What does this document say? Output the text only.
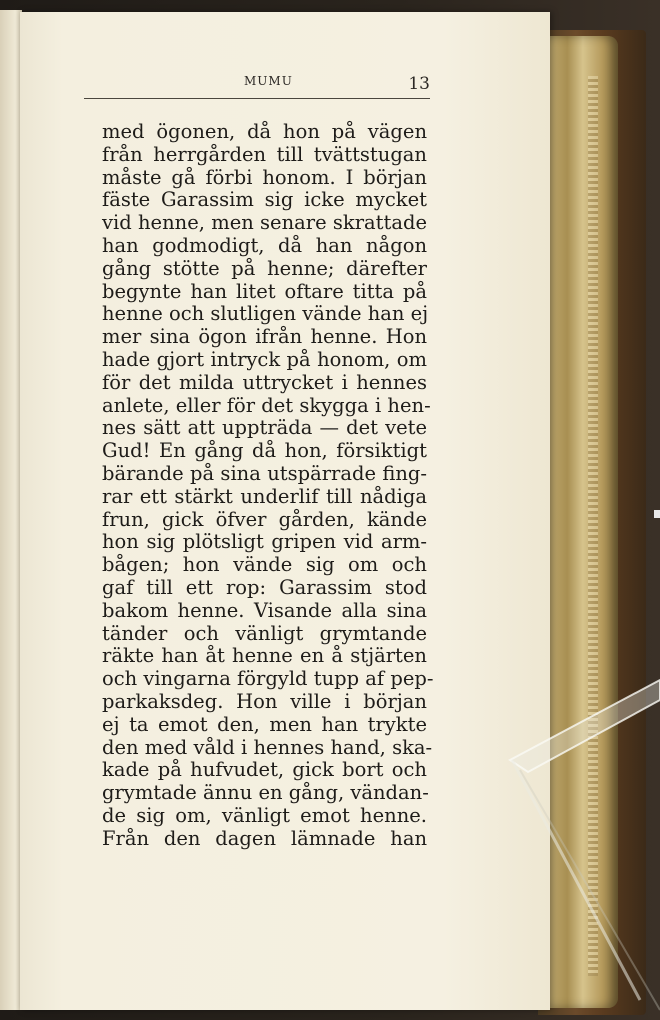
MUMU	13
med ögonen, då hon på vägen
från herrgården till tvättstugan
måste gå förbi honom. I början
fäste Garassim sig icke mycket
vid henne, men senare skrattade
han godmodigt, då han någon
gång stötte på henne; därefter
begynte han litet oftare titta på
henne och slutligen vände han ej
mer sina ögon ifrån henne. Hon
hade gjort intryck på honom, om
för det milda uttrycket i hennes
anlete, eller för det skygga i hen-
nes sätt att uppträda — det vete
Gud! En gång då hon, försiktigt
bärande på sina utspärrade fing-
rar ett stärkt underlif till nådiga
frun, gick öfver gården, kände
hon sig plötsligt gripen vid arm-
bågen; hon vände sig om och
gaf till ett rop: Garassim stod
bakom henne. Visande alla sina
tänder och vänligt grymtande
räkte han åt henne en å stjärten
och vingarna förgyld tupp af pep-
parkaksdeg. Hon ville i början
ej ta emot den, men han trykte
den med våld i hennes hand, ska-
kade på hufvudet, gick bort och
grymtade ännu en gång, vändan-
de sig om, vänligt emot henne.
Från den dagen lämnade han
